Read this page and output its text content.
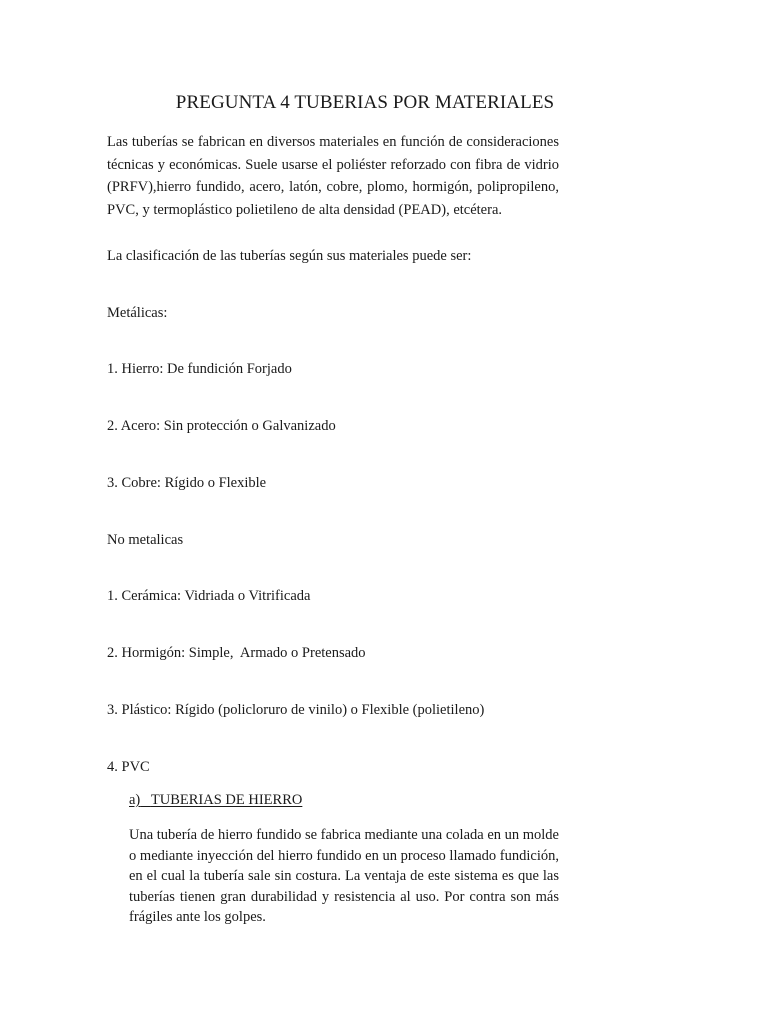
PREGUNTA 4 TUBERIAS POR MATERIALES
Las tuberías se fabrican en diversos materiales en función de consideraciones técnicas y económicas. Suele usarse el poliéster reforzado con fibra de vidrio (PRFV),hierro fundido, acero, latón, cobre, plomo, hormigón, polipropileno, PVC, y termoplástico polietileno de alta densidad (PEAD), etcétera.
La clasificación de las tuberías según sus materiales puede ser:
Metálicas:
1. Hierro: De fundición Forjado
2. Acero: Sin protección o Galvanizado
3. Cobre: Rígido o Flexible
No metalicas
1. Cerámica: Vidriada o Vitrificada
2. Hormigón: Simple,  Armado o Pretensado
3. Plástico: Rígido (policloruro de vinilo) o Flexible (polietileno)
4. PVC
a) TUBERIAS DE HIERRO
Una tubería de hierro fundido se fabrica mediante una colada en un molde o mediante inyección del hierro fundido en un proceso llamado fundición, en el cual la tubería sale sin costura. La ventaja de este sistema es que las tuberías tienen gran durabilidad y resistencia al uso. Por contra son más frágiles ante los golpes.
